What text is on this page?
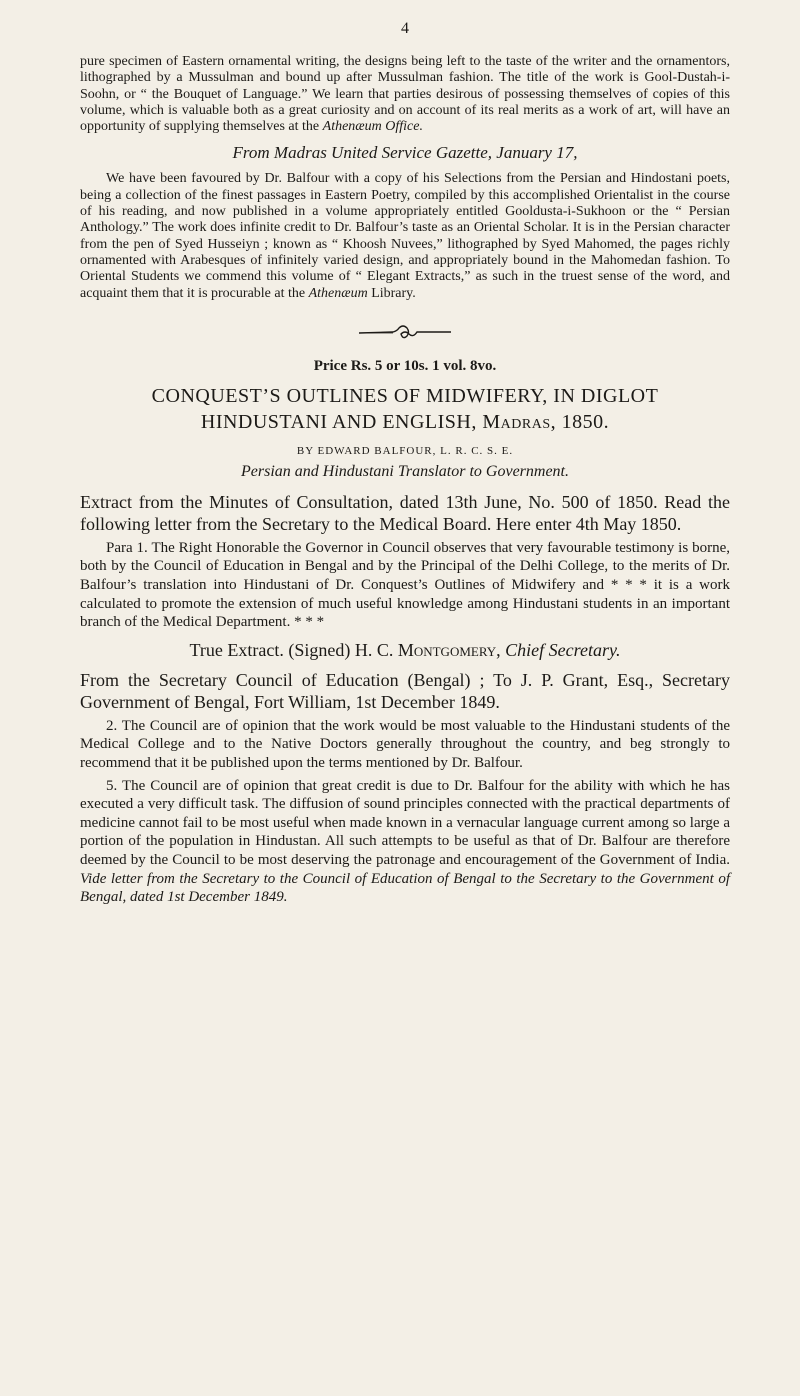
4

pure specimen of Eastern ornamental writing, the designs being left to the taste of the writer and the ornamentors, lithographed by a Mussulman and bound up after Mussulman fashion. The title of the work is Gool-Dustah-i-Soohn, or “ the Bouquet of Language.” We learn that parties desirous of possessing themselves of copies of this volume, which is valuable both as a great curiosity and on account of its real merits as a work of art, will have an opportunity of supplying themselves at the Athenæum Office.

From Madras United Service Gazette, January 17,

We have been favoured by Dr. Balfour with a copy of his Selections from the Persian and Hindostani poets, being a collection of the finest passages in Eastern Poetry, compiled by this accomplished Orientalist in the course of his reading, and now published in a volume appropriately entitled Gooldusta-i-Sukhoon or the “ Persian Anthology.” The work does infinite credit to Dr. Balfour’s taste as an Oriental Scholar. It is in the Persian character from the pen of Syed Husseiyn ; known as “ Khoosh Nuvees,” lithographed by Syed Mahomed, the pages richly ornamented with Arabesques of infinitely varied design, and appropriately bound in the Mahomedan fashion. To Oriental Students we commend this volume of “ Elegant Extracts,” as such in the truest sense of the word, and acquaint them that it is procurable at the Athenæum Library.

Price Rs. 5 or 10s. 1 vol. 8vo.
CONQUEST’S OUTLINES OF MIDWIFERY, IN DIGLOT
HINDUSTANI AND ENGLISH, Madras, 1850.
BY EDWARD BALFOUR, L. R. C. S. E.
Persian and Hindustani Translator to Government.

Extract from the Minutes of Consultation, dated 13th June, No. 500 of 1850. Read the following letter from the Secretary to the Medical Board. Here enter 4th May 1850.

Para 1. The Right Honorable the Governor in Council observes that very favourable testimony is borne, both by the Council of Education in Bengal and by the Principal of the Delhi College, to the merits of Dr. Balfour’s translation into Hindustani of Dr. Conquest’s Outlines of Midwifery and * * * it is a work calculated to promote the extension of much useful knowledge among Hindustani students in an important branch of the Medical Department. * * *

True Extract. (Signed) H. C. Montgomery, Chief Secretary.

From the Secretary Council of Education (Bengal) ; To J. P. Grant, Esq., Secretary Government of Bengal, Fort William, 1st December 1849.

2. The Council are of opinion that the work would be most valuable to the Hindustani students of the Medical College and to the Native Doctors generally throughout the country, and beg strongly to recommend that it be published upon the terms mentioned by Dr. Balfour.

5. The Council are of opinion that great credit is due to Dr. Balfour for the ability with which he has executed a very difficult task. The diffusion of sound principles connected with the practical departments of medicine cannot fail to be most useful when made known in a vernacular language current among so large a portion of the population in Hindustan. All such attempts to be useful as that of Dr. Balfour are therefore deemed by the Council to be most deserving the patronage and encouragement of the Government of India. Vide letter from the Secretary to the Council of Education of Bengal to the Secretary to the Government of Bengal, dated 1st December 1849.
